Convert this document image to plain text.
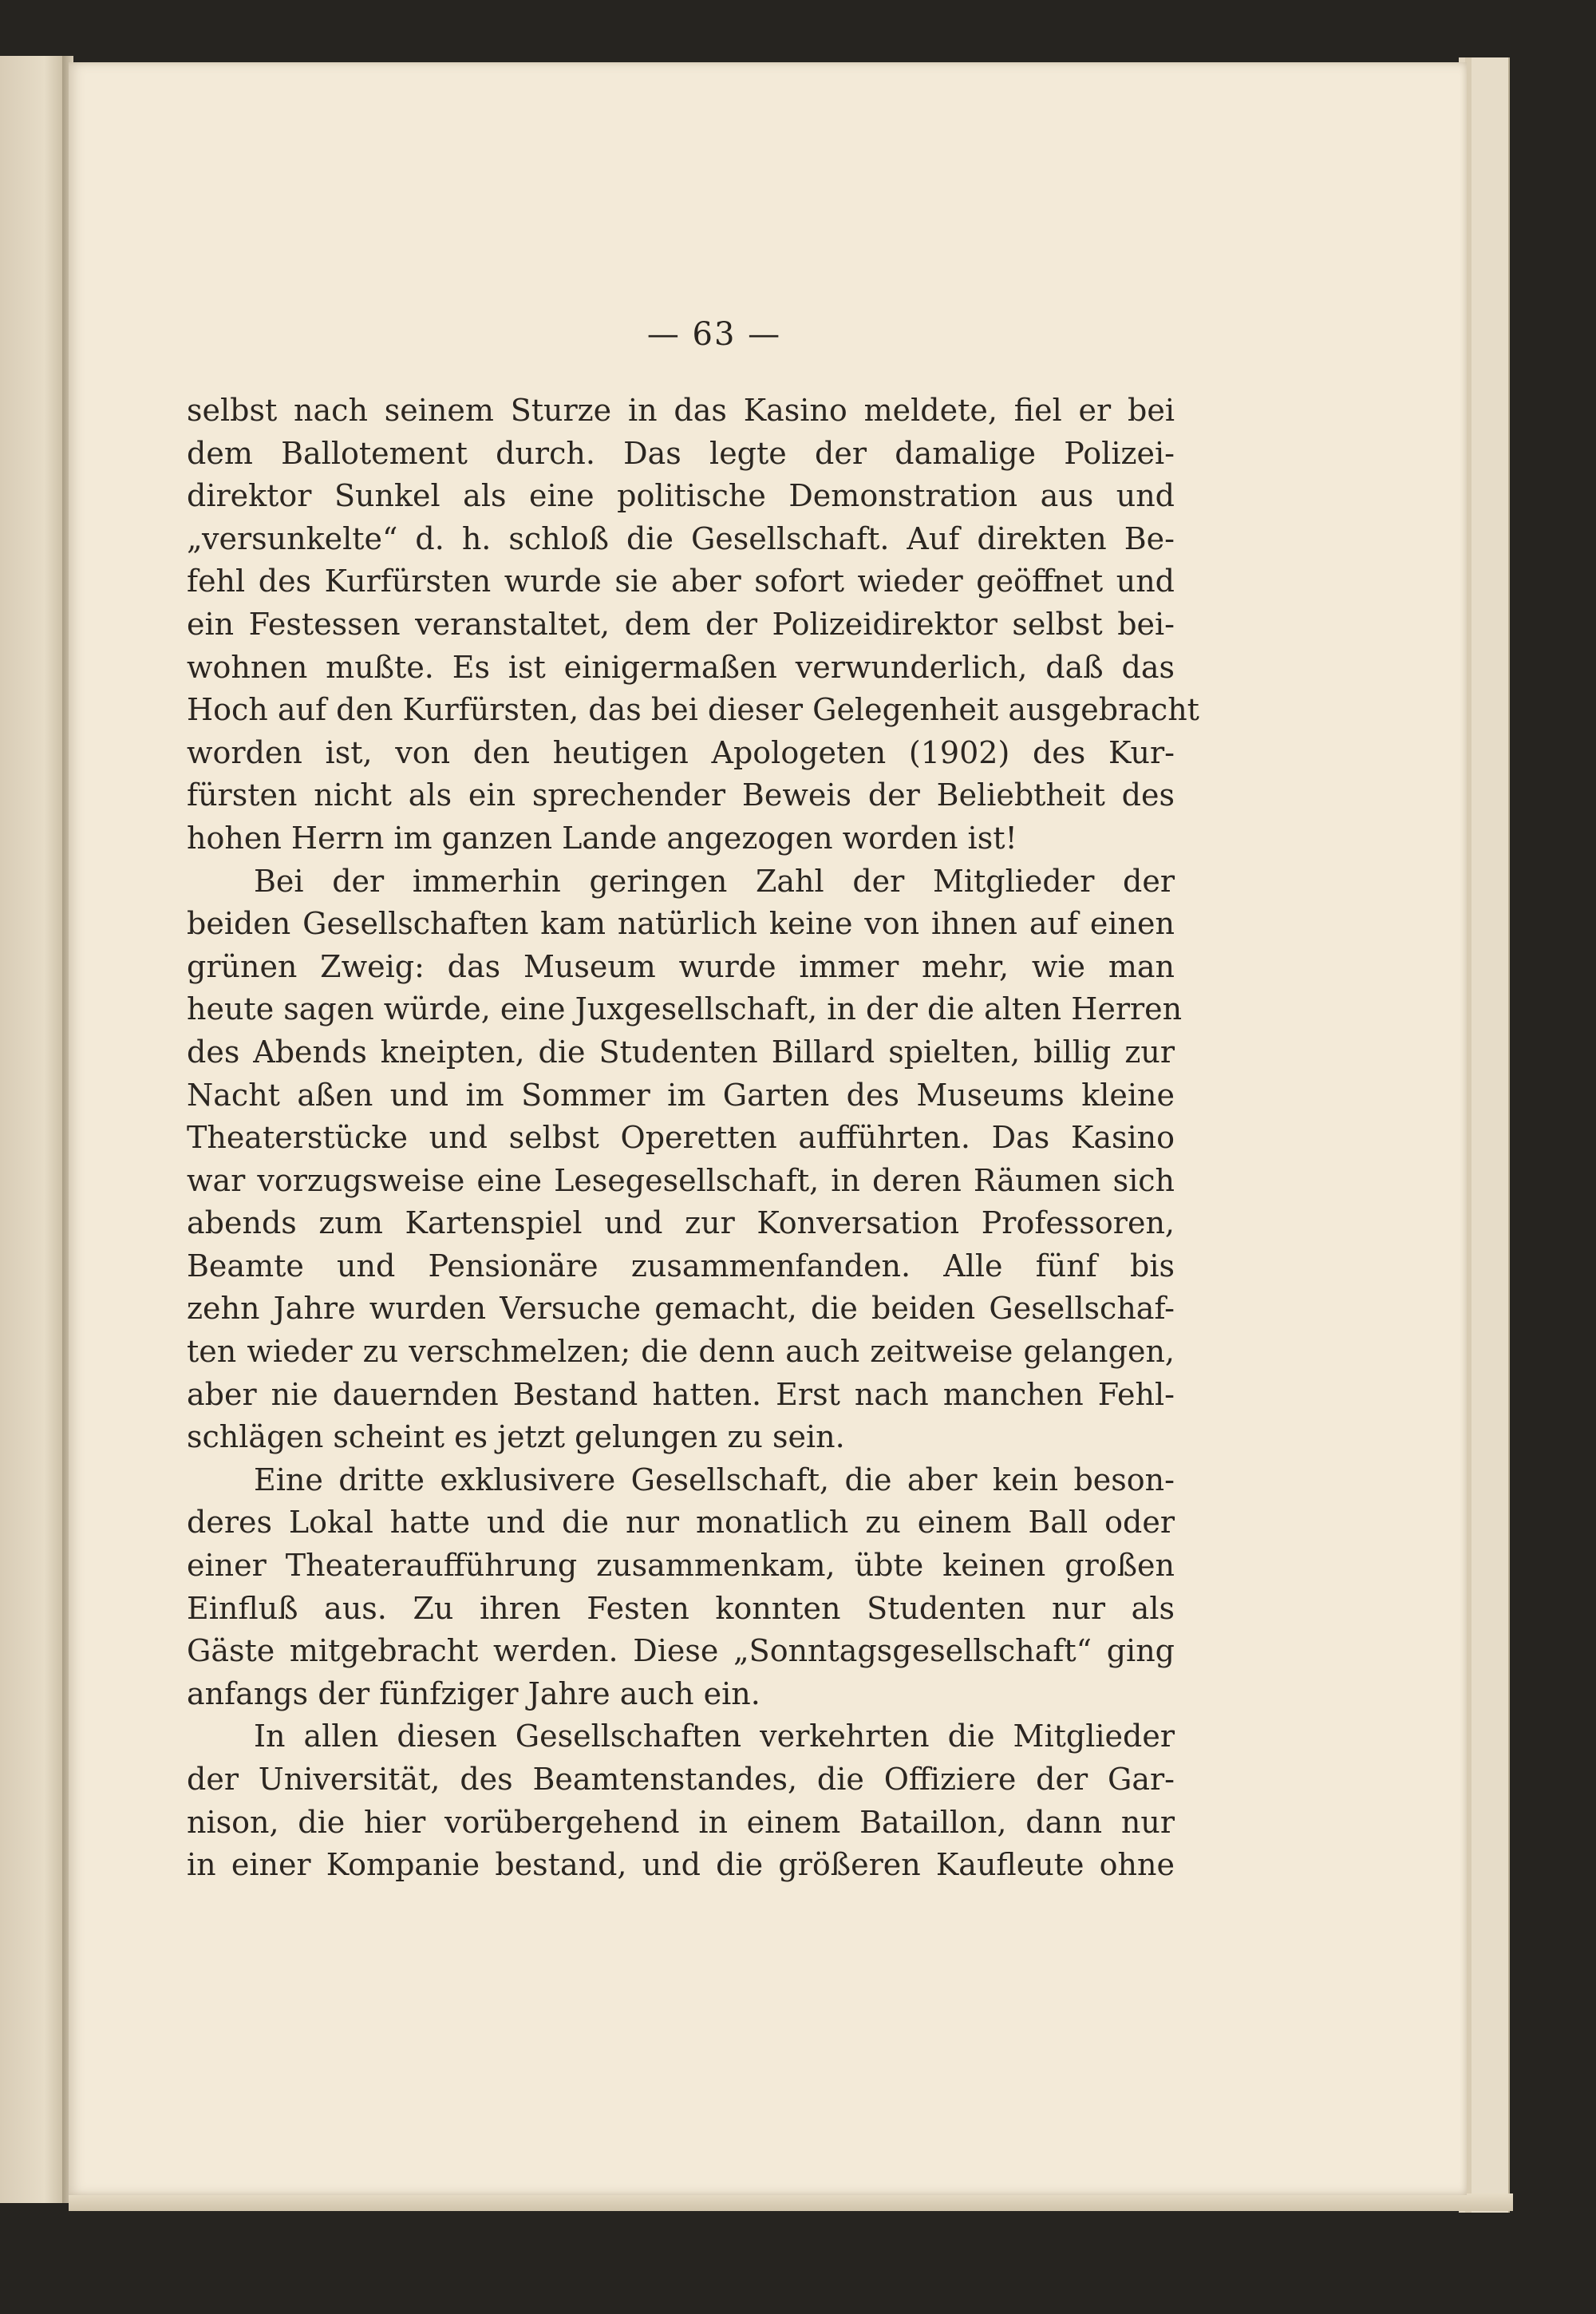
— 63 —
selbst nach seinem Sturze in das Kasino meldete, fiel er bei
dem Ballotement durch. Das legte der damalige Polizei-
direktor Sunkel als eine politische Demonstration aus und
„versunkelte“ d. h. schloß die Gesellschaft. Auf direkten Be-
fehl des Kurfürsten wurde sie aber sofort wieder geöffnet und
ein Festessen veranstaltet, dem der Polizeidirektor selbst bei-
wohnen mußte. Es ist einigermaßen verwunderlich, daß das
Hoch auf den Kurfürsten, das bei dieser Gelegenheit ausgebracht
worden ist, von den heutigen Apologeten (1902) des Kur-
fürsten nicht als ein sprechender Beweis der Beliebtheit des
hohen Herrn im ganzen Lande angezogen worden ist!
Bei der immerhin geringen Zahl der Mitglieder der
beiden Gesellschaften kam natürlich keine von ihnen auf einen
grünen Zweig: das Museum wurde immer mehr, wie man
heute sagen würde, eine Juxgesellschaft, in der die alten Herren
des Abends kneipten, die Studenten Billard spielten, billig zur
Nacht aßen und im Sommer im Garten des Museums kleine
Theaterstücke und selbst Operetten aufführten. Das Kasino
war vorzugsweise eine Lesegesellschaft, in deren Räumen sich
abends zum Kartenspiel und zur Konversation Professoren,
Beamte und Pensionäre zusammenfanden. Alle fünf bis
zehn Jahre wurden Versuche gemacht, die beiden Gesellschaf-
ten wieder zu verschmelzen; die denn auch zeitweise gelangen,
aber nie dauernden Bestand hatten. Erst nach manchen Fehl-
schlägen scheint es jetzt gelungen zu sein.
Eine dritte exklusivere Gesellschaft, die aber kein beson-
deres Lokal hatte und die nur monatlich zu einem Ball oder
einer Theateraufführung zusammenkam, übte keinen großen
Einfluß aus. Zu ihren Festen konnten Studenten nur als
Gäste mitgebracht werden. Diese „Sonntagsgesellschaft“ ging
anfangs der fünfziger Jahre auch ein.
In allen diesen Gesellschaften verkehrten die Mitglieder
der Universität, des Beamtenstandes, die Offiziere der Gar-
nison, die hier vorübergehend in einem Bataillon, dann nur
in einer Kompanie bestand, und die größeren Kaufleute ohne
